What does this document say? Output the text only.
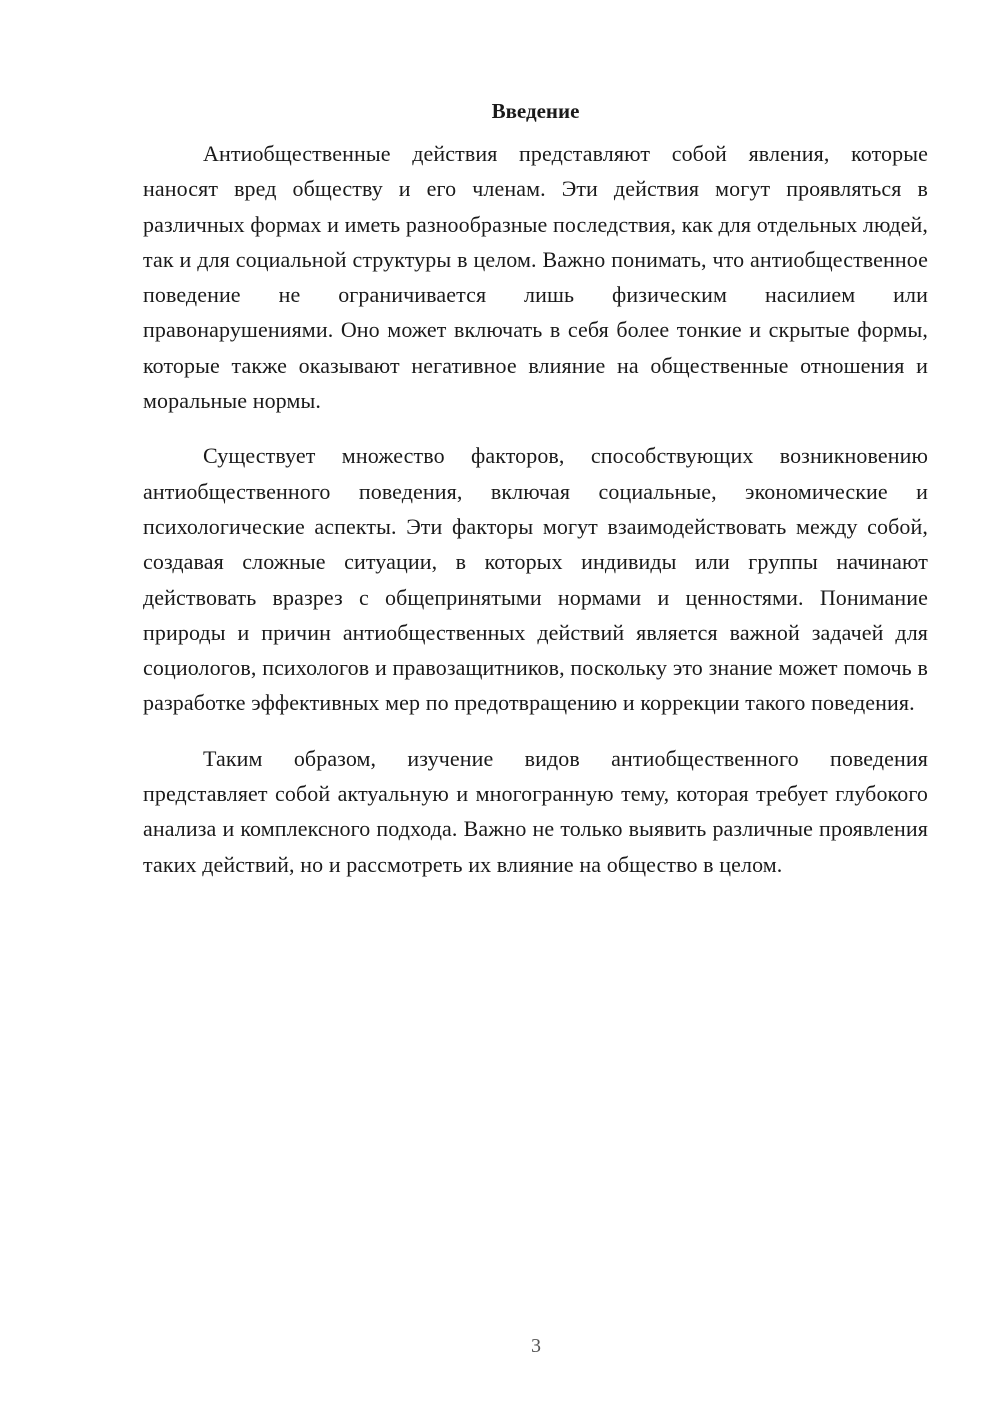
Введение

Антиобщественные действия представляют собой явления, которые наносят вред обществу и его членам. Эти действия могут проявляться в различных формах и иметь разнообразные последствия, как для отдельных людей, так и для социальной структуры в целом. Важно понимать, что антиобщественное поведение не ограничивается лишь физическим насилием или правонарушениями. Оно может включать в себя более тонкие и скрытые формы, которые также оказывают негативное влияние на общественные отношения и моральные нормы.

Существует множество факторов, способствующих возникновению антиобщественного поведения, включая социальные, экономические и психологические аспекты. Эти факторы могут взаимодействовать между собой, создавая сложные ситуации, в которых индивиды или группы начинают действовать вразрез с общепринятыми нормами и ценностями. Понимание природы и причин антиобщественных действий является важной задачей для социологов, психологов и правозащитников, поскольку это знание может помочь в разработке эффективных мер по предотвращению и коррекции такого поведения.

Таким образом, изучение видов антиобщественного поведения представляет собой актуальную и многогранную тему, которая требует глубокого анализа и комплексного подхода. Важно не только выявить различные проявления таких действий, но и рассмотреть их влияние на общество в целом.

3
